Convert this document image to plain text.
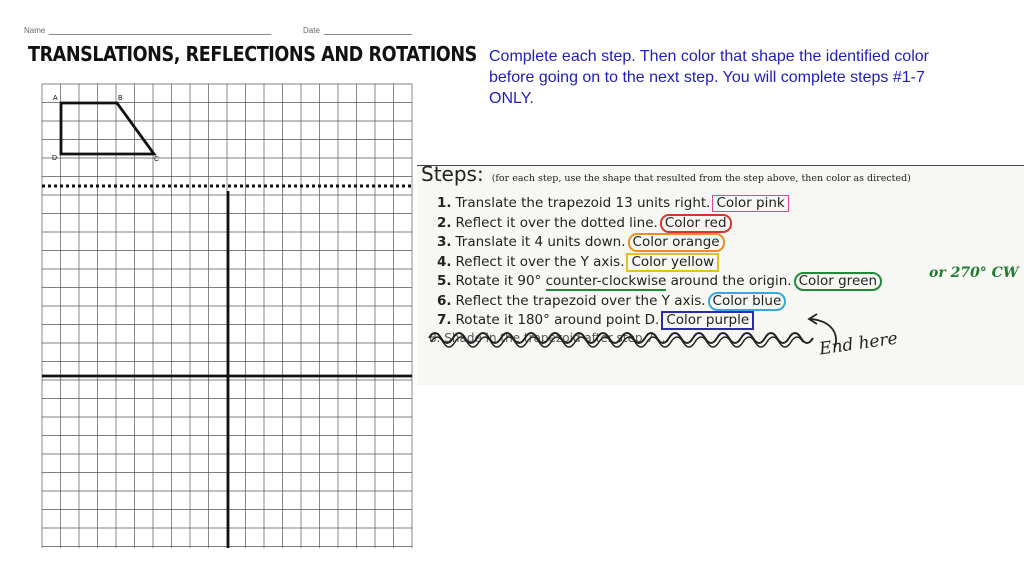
Name	Date
TRANSLATIONS, REFLECTIONS AND ROTATIONS
A	B
C
D
Complete each step. Then color that shape the identified color before going on to the next step. You will complete steps #1-7 ONLY.
Steps: (for each step, use the shape that resulted from the step above, then color as directed)
1. Translate the trapezoid 13 units right. Color pink
2. Reflect it over the dotted line. Color red
3. Translate it 4 units down. Color orange
4. Reflect it over the Y axis. Color yellow
5. Rotate it 90° counter-clockwise around the origin. Color green	or 270° CW
6. Reflect the trapezoid over the Y axis. Color blue
7. Rotate it 180° around point D. Color purple
8. Shade in the trapezoid after step 7 ...	End here
